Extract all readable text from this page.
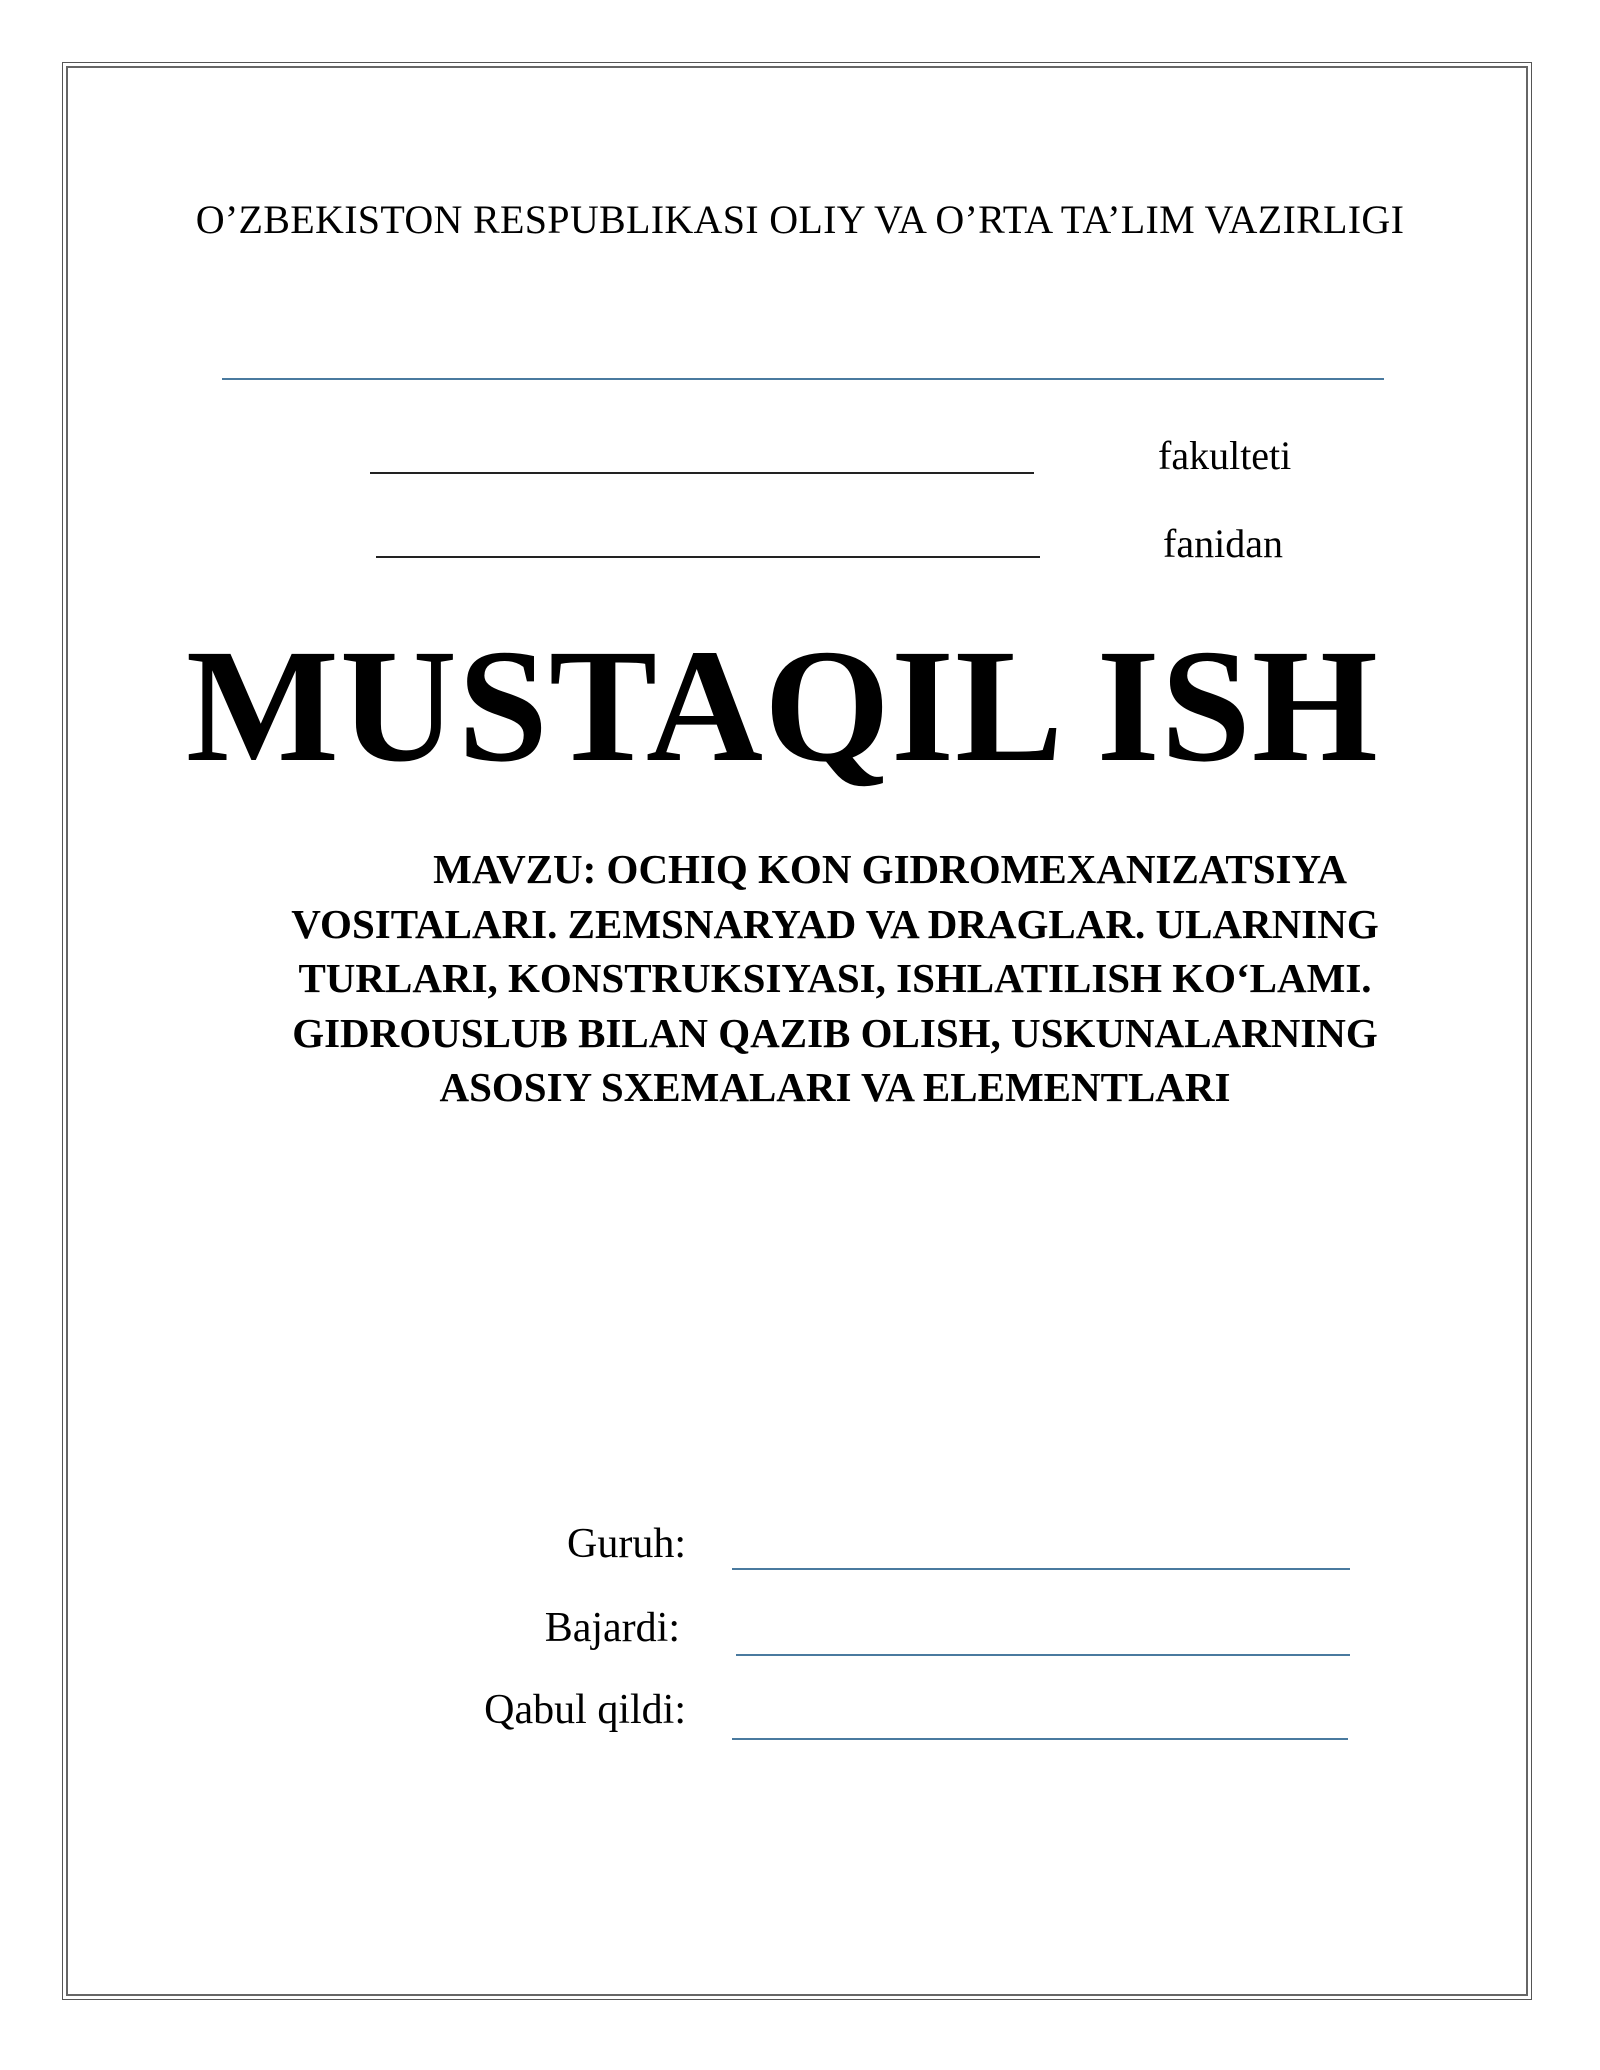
O’ZBEKISTON RESPUBLIKASI OLIY VA O’RTA TA’LIM VAZIRLIGI
fakulteti
fanidan
MUSTAQIL ISH
MAVZU: OCHIQ KON GIDROMEXANIZATSIYA VOSITALARI. ZEMSNARYAD VA DRAGLAR. ULARNING TURLARI, KONSTRUKSIYASI, ISHLATILISH KO‘LAMI. GIDROUSLUB BILAN QAZIB OLISH, USKUNALARNING ASOSIY SXEMALARI VA ELEMENTLARI
Guruh:
Bajardi:
Qabul qildi:
